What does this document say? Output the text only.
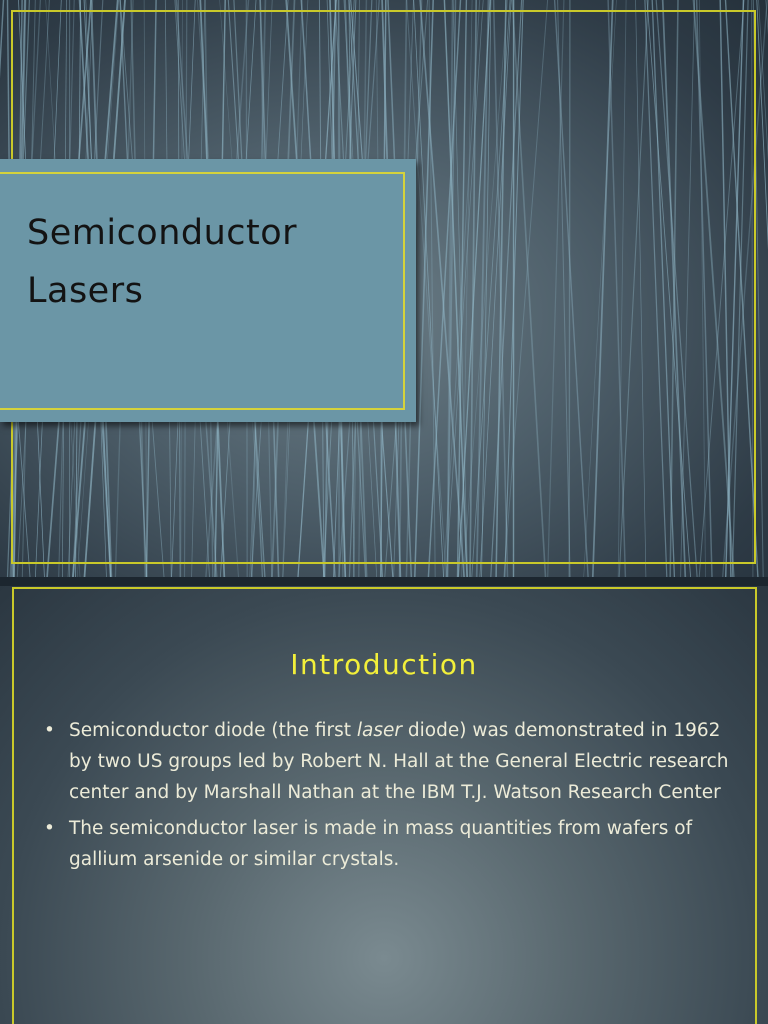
Semiconductor
Lasers
Introduction
• Semiconductor diode (the first laser diode) was demonstrated in 1962 by two US groups led by Robert N. Hall at the General Electric research center and by Marshall Nathan at the IBM T.J. Watson Research Center
• The semiconductor laser is made in mass quantities from wafers of gallium arsenide or similar crystals.
